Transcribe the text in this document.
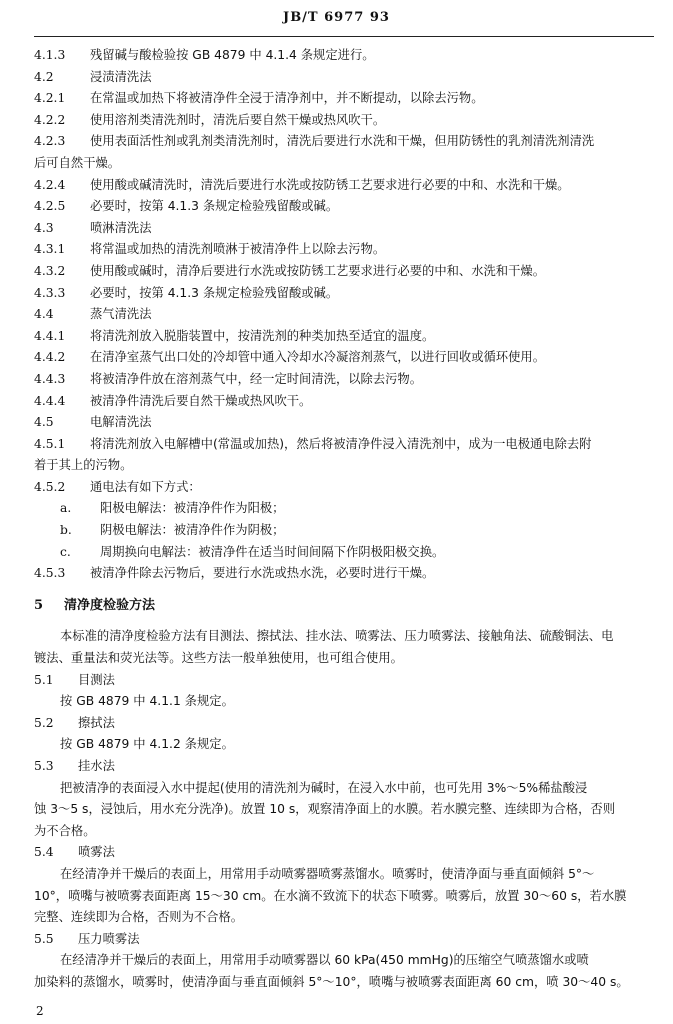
JB/T 6977 93
4.1.3 残留碱与酸检验按 GB 4879 中 4.1.4 条规定进行。
4.2	浸渍清洗法
4.2.1 在常温或加热下将被清净件全浸于清净剂中，并不断提动，以除去污物。
4.2.2 使用溶剂类清洗剂时，清洗后要自然干燥或热风吹干。
4.2.3 使用表面活性剂或乳剂类清洗剂时，清洗后要进行水洗和干燥，但用防锈性的乳剂清洗剂清洗
后可自然干燥。
4.2.4 使用酸或碱清洗时，清洗后要进行水洗或按防锈工艺要求进行必要的中和、水洗和干燥。
4.2.5 必要时，按第 4.1.3 条规定检验残留酸或碱。
4.3	喷淋清洗法
4.3.1 将常温或加热的清洗剂喷淋于被清净件上以除去污物。
4.3.2 使用酸或碱时，清净后要进行水洗或按防锈工艺要求进行必要的中和、水洗和干燥。
4.3.3 必要时，按第 4.1.3 条规定检验残留酸或碱。
4.4	蒸气清洗法
4.4.1 将清洗剂放入脱脂装置中，按清洗剂的种类加热至适宜的温度。
4.4.2 在清净室蒸气出口处的冷却管中通入冷却水冷凝溶剂蒸气，以进行回收或循环使用。
4.4.3 将被清净件放在溶剂蒸气中，经一定时间清洗，以除去污物。
4.4.4 被清净件清洗后要自然干燥或热风吹干。
4.5	电解清洗法
4.5.1 将清洗剂放入电解槽中(常温或加热)，然后将被清净件浸入清洗剂中，成为一电极通电除去附
着于其上的污物。
4.5.2 通电法有如下方式：
a. 阳极电解法：被清净件作为阳极；
b. 阴极电解法：被清净件作为阴极；
c. 周期换向电解法：被清净件在适当时间间隔下作阴极阳极交换。
4.5.3 被清净件除去污物后，要进行水洗或热水洗，必要时进行干燥。
5 清净度检验方法
本标准的清净度检验方法有目测法、擦拭法、挂水法、喷雾法、压力喷雾法、接触角法、硫酸铜法、电
镀法、重量法和荧光法等。这些方法一般单独使用，也可组合使用。
5.1 目测法
按 GB 4879 中 4.1.1 条规定。
5.2 擦拭法
按 GB 4879 中 4.1.2 条规定。
5.3 挂水法
把被清净的表面浸入水中提起(使用的清洗剂为碱时，在浸入水中前，也可先用 3%～5%稀盐酸浸
蚀 3～5 s，浸蚀后，用水充分洗净)。放置 10 s，观察清净面上的水膜。若水膜完整、连续即为合格，否则
为不合格。
5.4 喷雾法
在经清净并干燥后的表面上，用常用手动喷雾器喷雾蒸馏水。喷雾时，使清净面与垂直面倾斜 5°～
10°，喷嘴与被喷雾表面距离 15～30 cm。在水滴不致流下的状态下喷雾。喷雾后，放置 30～60 s，若水膜
完整、连续即为合格，否则为不合格。
5.5 压力喷雾法
在经清净并干燥后的表面上，用常用手动喷雾器以 60 kPa(450 mmHg)的压缩空气喷蒸馏水或喷
加染料的蒸馏水，喷雾时，使清净面与垂直面倾斜 5°～10°，喷嘴与被喷雾表面距离 60 cm，喷 30～40 s。
2
